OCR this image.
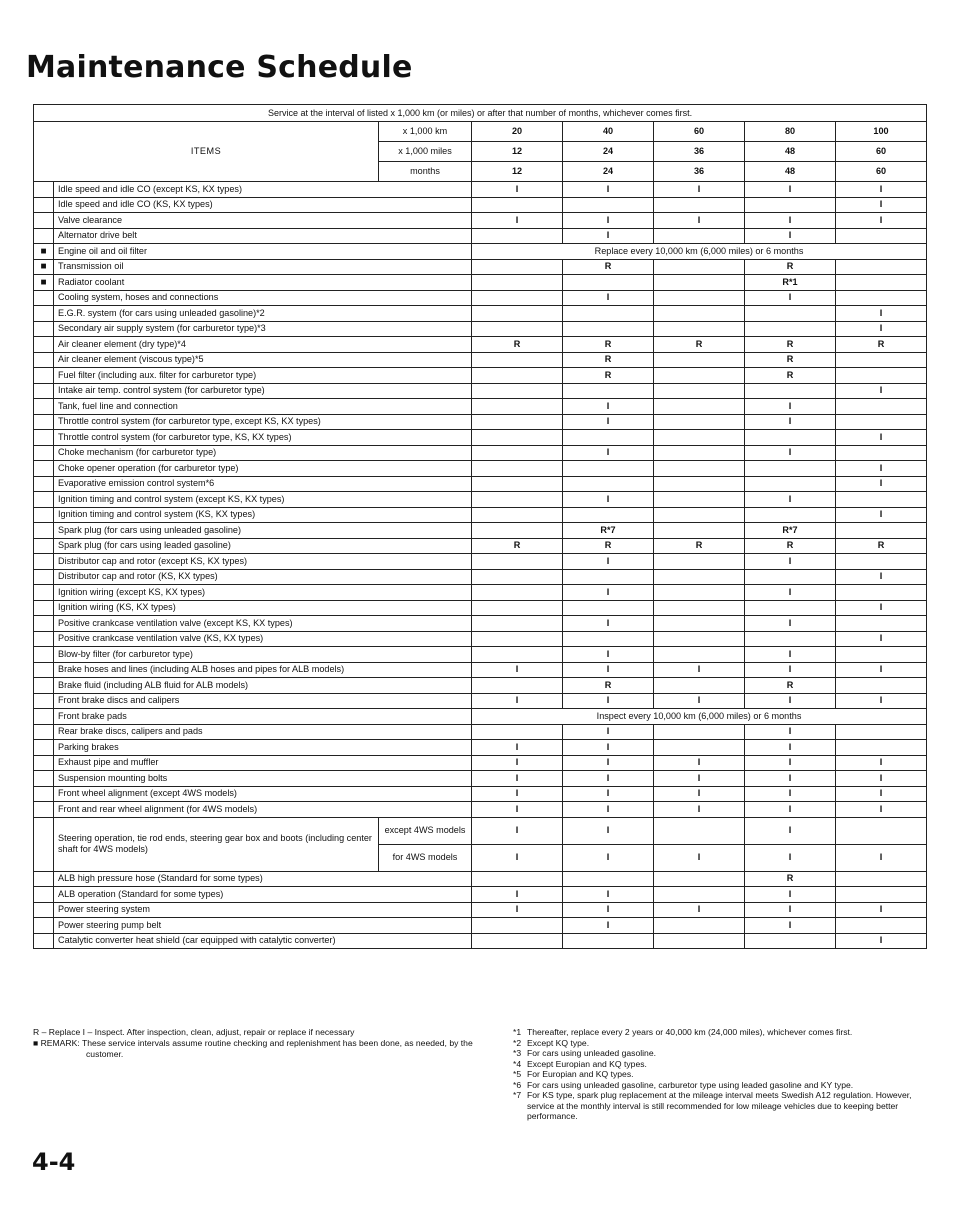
Maintenance Schedule
Service at the interval of listed x 1,000 km (or miles) or after that number of months, whichever comes first.							
ITEMS		x 1,000 km	20	40	60	80	100
		x 1,000 miles	12	24	36	48	60
		months	12	24	36	48	60
	Idle speed and idle CO (except KS, KX types)		I	I	I	I	I
	Idle speed and idle CO (KS, KX types)						I
	Valve clearance		I	I	I	I	I
	Alternator drive belt			I		I	
■	Engine oil and oil filter		Replace every 10,000 km (6,000 miles) or 6 months				
■	Transmission oil			R		R	
■	Radiator coolant					R*1	
	Cooling system, hoses and connections			I		I	
	E.G.R. system (for cars using unleaded gasoline)*2						I
	Secondary air supply system (for carburetor type)*3						I
	Air cleaner element (dry type)*4		R	R	R	R	R
	Air cleaner element (viscous type)*5			R		R	
	Fuel filter (including aux. filter for carburetor type)			R		R	
	Intake air temp. control system (for carburetor type)						I
	Tank, fuel line and connection			I		I	
	Throttle control system (for carburetor type, except KS, KX types)			I		I	
	Throttle control system (for carburetor type, KS, KX types)						I
	Choke mechanism (for carburetor type)			I		I	
	Choke opener operation (for carburetor type)						I
	Evaporative emission control system*6						I
	Ignition timing and control system (except KS, KX types)			I		I	
	Ignition timing and control system (KS, KX types)						I
	Spark plug (for cars using unleaded gasoline)			R*7		R*7	
	Spark plug (for cars using leaded gasoline)		R	R	R	R	R
	Distributor cap and rotor (except KS, KX types)			I		I	
	Distributor cap and rotor (KS, KX types)						I
	Ignition wiring (except KS, KX types)			I		I	
	Ignition wiring (KS, KX types)						I
	Positive crankcase ventilation valve (except KS, KX types)			I		I	
	Positive crankcase ventilation valve (KS, KX types)						I
	Blow-by filter (for carburetor type)			I		I	
	Brake hoses and lines (including ALB hoses and pipes for ALB models)		I	I	I	I	I
	Brake fluid (including ALB fluid for ALB models)			R		R	
	Front brake discs and calipers		I	I	I	I	I
	Front brake pads		Inspect every 10,000 km (6,000 miles) or 6 months				
	Rear brake discs, calipers and pads			I		I	
	Parking brakes		I	I		I	
	Exhaust pipe and muffler		I	I	I	I	I
	Suspension mounting bolts		I	I	I	I	I
	Front wheel alignment (except 4WS models)		I	I	I	I	I
	Front and rear wheel alignment (for 4WS models)		I	I	I	I	I
	Steering operation, tie rod ends, steering gear box and boots (including center shaft for 4WS models)	except 4WS models	I	I		I	
		for 4WS models	I	I	I	I	I
	ALB high pressure hose (Standard for some types)					R	
	ALB operation (Standard for some types)		I	I		I	
	Power steering system		I	I	I	I	I
	Power steering pump belt			I		I	
	Catalytic converter heat shield (car equipped with catalytic converter)						I

R – Replace I – Inspect. After inspection, clean, adjust, repair or replace if necessary

■ REMARK: These service intervals assume routine checking and replenishment has been done, as needed, by the customer.

*1 Thereafter, replace every 2 years or 40,000 km (24,000 miles), whichever comes first.

*2 Except KQ type.

*3 For cars using unleaded gasoline.

*4 Except Europian and KQ types.

*5 For Europian and KQ types.

*6 For cars using unleaded gasoline, carburetor type using leaded gasoline and KY type.

*7 For KS type, spark plug replacement at the mileage interval meets Swedish A12 regulation. However, service at the monthly interval is still recommended for low mileage vehicles due to keeping better performance.

4-4
